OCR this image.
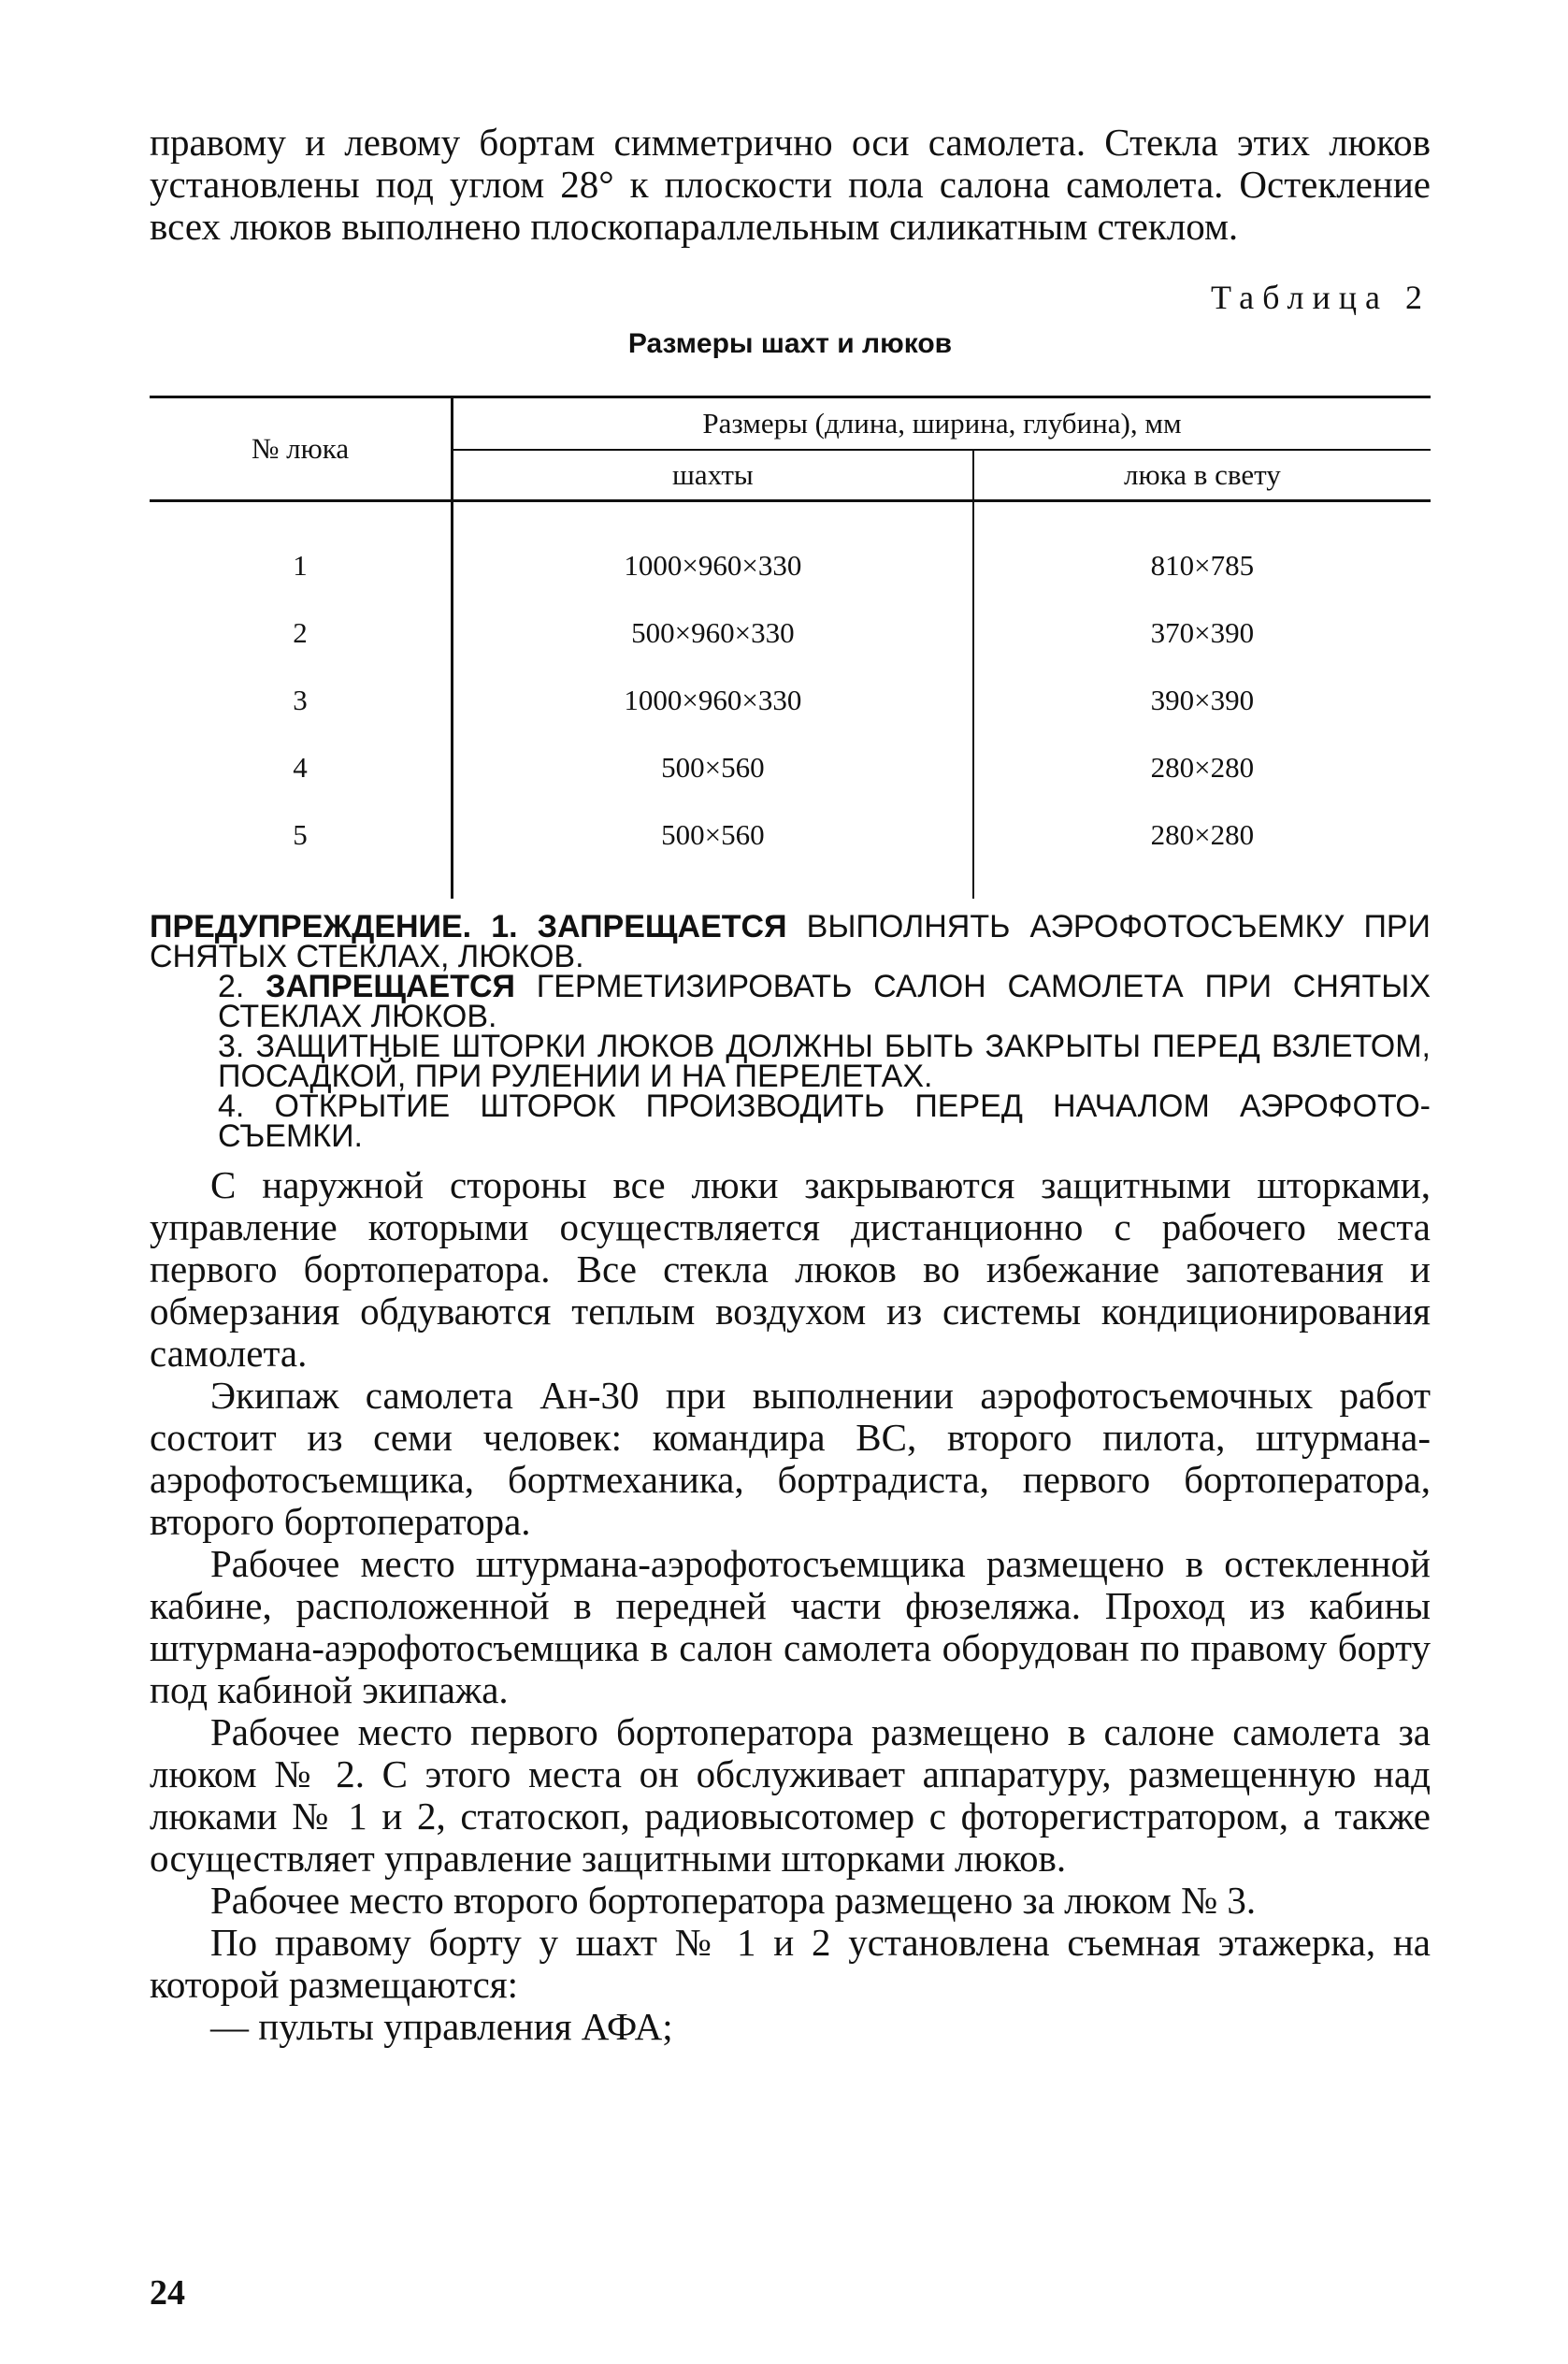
правому и левому бортам симметрично оси самолета. Стекла этих люков установлены под углом 28° к плоскости пола салона самолета. Остекление всех люков выполнено плоскопараллельным силикатным стеклом.

Таблица 2
Размеры шахт и люков
№ люка	Размеры (длина, ширина, глубина), мм	
	шахты	люка в свету

1	1000×960×330	810×785
2	500×960×330	370×390
3	1000×960×330	390×390
4	500×560	280×280
5	500×560	280×280

ПРЕДУПРЕЖДЕНИЕ. 1. ЗАПРЕЩАЕТСЯ ВЫПОЛНЯТЬ АЭРОФОТОСЪЕМКУ ПРИ СНЯТЫХ СТЕКЛАХ, ЛЮКОВ.

2. ЗАПРЕЩАЕТСЯ ГЕРМЕТИЗИРОВАТЬ САЛОН САМОЛЕТА ПРИ СНЯТЫХ СТЕКЛАХ ЛЮКОВ.

3. ЗАЩИТНЫЕ ШТОРКИ ЛЮКОВ ДОЛЖНЫ БЫТЬ ЗАКРЫТЫ ПЕРЕД ВЗЛЕТОМ, ПОСАДКОЙ, ПРИ РУЛЕНИИ И НА ПЕРЕЛЕТАХ.

4. ОТКРЫТИЕ ШТОРОК ПРОИЗВОДИТЬ ПЕРЕД НАЧАЛОМ АЭРОФОТО-СЪЕМКИ.

С наружной стороны все люки закрываются защитными шторками, управление которыми осуществляется дистанционно с рабочего места первого бортоператора. Все стекла люков во избежание запотевания и обмерзания обдуваются теплым воздухом из системы кондиционирования самолета.

Экипаж самолета Ан-30 при выполнении аэрофотосъемочных работ состоит из семи человек: командира ВС, второго пилота, штурмана-аэрофотосъемщика, бортмеханика, бортрадиста, первого бортоператора, второго бортоператора.

Рабочее место штурмана-аэрофотосъемщика размещено в остекленной кабине, расположенной в передней части фюзеляжа. Проход из кабины штурмана-аэрофотосъемщика в салон самолета оборудован по правому борту под кабиной экипажа.

Рабочее место первого бортоператора размещено в салоне самолета за люком № 2. С этого места он обслуживает аппаратуру, размещенную над люками № 1 и 2, статоскоп, радиовысотомер с фоторегистратором, а также осуществляет управление защитными шторками люков.

Рабочее место второго бортоператора размещено за люком № 3.

По правому борту у шахт № 1 и 2 установлена съемная этажерка, на которой размещаются:

— пульты управления АФА;

24
